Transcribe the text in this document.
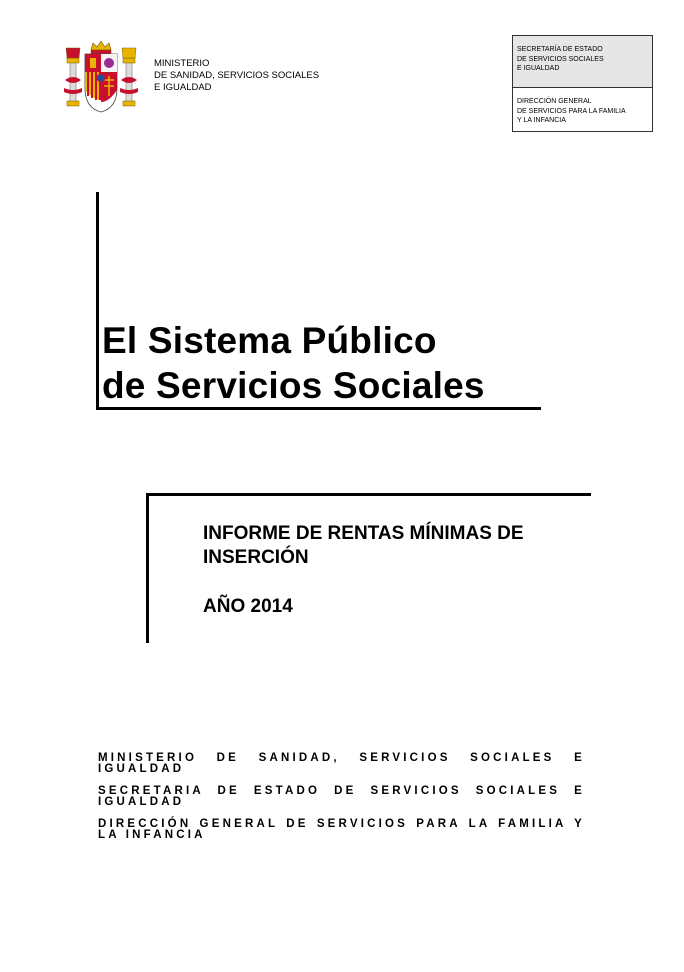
MINISTERIO
DE SANIDAD, SERVICIOS SOCIALES
E IGUALDAD
SECRETARÍA DE ESTADO
DE SERVICIOS SOCIALES
E IGUALDAD
DIRECCIÓN GENERAL
DE SERVICIOS PARA LA FAMILIA
Y LA INFANCIA
El Sistema Público
de Servicios Sociales
INFORME DE RENTAS MÍNIMAS DE
INSERCIÓN
AÑO 2014
MINISTERIO DE SANIDAD, SERVICIOS SOCIALES E IGUALDAD
SECRETARIA DE ESTADO DE SERVICIOS SOCIALES E IGUALDAD
DIRECCIÓN GENERAL DE SERVICIOS PARA LA FAMILIA Y LA INFANCIA
